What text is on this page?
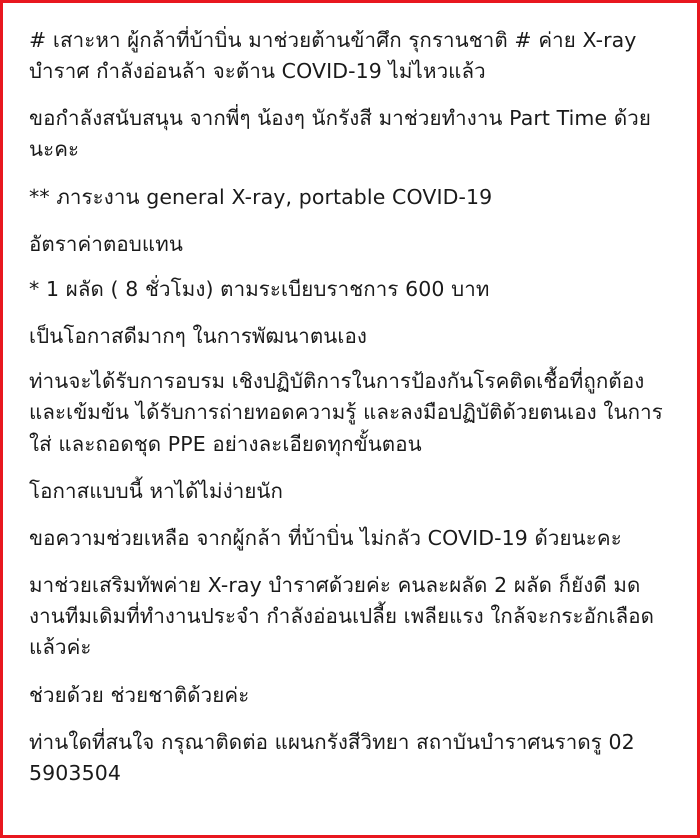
# เสาะหา ผู้กล้าที่บ้าบิ่น มาช่วยต้านข้าศึก รุกรานชาติ # ค่าย X-ray บำราศ กำลังอ่อนล้า จะต้าน COVID-19 ไม่ไหวแล้ว

ขอกำลังสนับสนุน จากพี่ๆ น้องๆ นักรังสี มาช่วยทำงาน Part Time ด้วยนะคะ

** ภาระงาน general X-ray, portable COVID-19

อัตราค่าตอบแทน

* 1 ผลัด ( 8 ชั่วโมง) ตามระเบียบราชการ 600 บาท

เป็นโอกาสดีมากๆ ในการพัฒนาตนเอง

ท่านจะได้รับการอบรม เชิงปฏิบัติการในการป้องกันโรคติดเชื้อที่ถูกต้องและเข้มข้น ได้รับการถ่ายทอดความรู้ และลงมือปฏิบัติด้วยตนเอง ในการใส่ และถอดชุด PPE อย่างละเอียดทุกขั้นตอน

โอกาสแบบนี้ หาได้ไม่ง่ายนัก

ขอความช่วยเหลือ จากผู้กล้า ที่บ้าบิ่น ไม่กลัว COVID-19 ด้วยนะคะ

มาช่วยเสริมทัพค่าย X-ray บำราศด้วยค่ะ คนละผลัด 2 ผลัด ก็ยังดี มดงานทีมเดิมที่ทำงานประจำ กำลังอ่อนเปลี้ย เพลียแรง ใกล้จะกระอักเลือดแล้วค่ะ

ช่วยด้วย ช่วยชาติด้วยค่ะ

ท่านใดที่สนใจ กรุณาติดต่อ แผนกรังสีวิทยา สถาบันบำราศนราดรู 02 5903504
